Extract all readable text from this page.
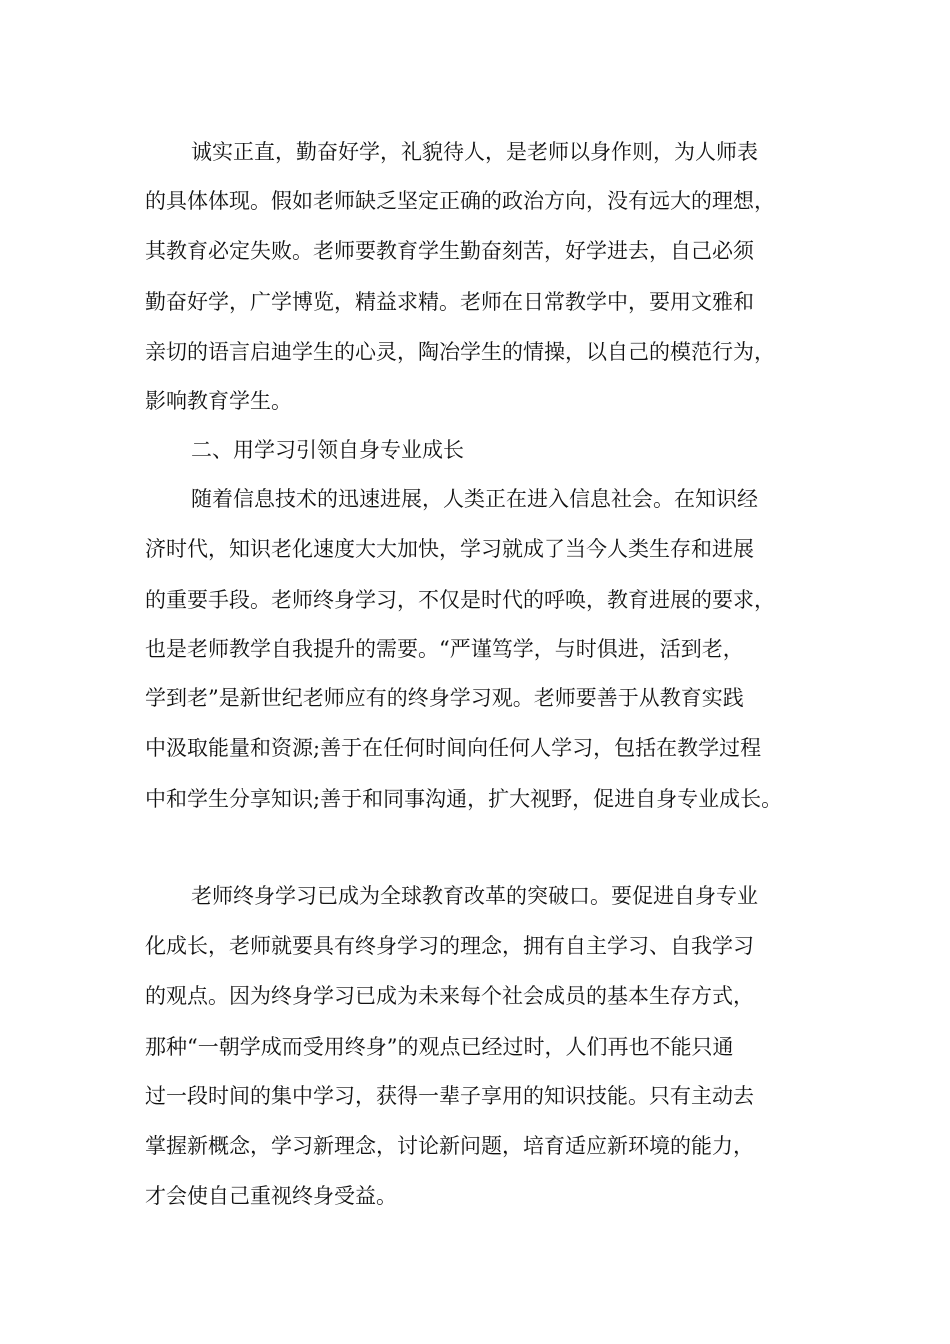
诚实正直，勤奋好学，礼貌待人，是老师以身作则，为人师表
的具体体现。假如老师缺乏坚定正确的政治方向，没有远大的理想，
其教育必定失败。老师要教育学生勤奋刻苦，好学进去，自己必须
勤奋好学，广学博览，精益求精。老师在日常教学中，要用文雅和
亲切的语言启迪学生的心灵，陶冶学生的情操，以自己的模范行为，
影响教育学生。
二、用学习引领自身专业成长
随着信息技术的迅速进展，人类正在进入信息社会。在知识经
济时代，知识老化速度大大加快，学习就成了当今人类生存和进展
的重要手段。老师终身学习，不仅是时代的呼唤，教育进展的要求，
也是老师教学自我提升的需要。“严谨笃学，与时俱进，活到老，
学到老”是新世纪老师应有的终身学习观。老师要善于从教育实践
中汲取能量和资源;善于在任何时间向任何人学习，包括在教学过程
中和学生分享知识;善于和同事沟通，扩大视野，促进自身专业成长。
老师终身学习已成为全球教育改革的突破口。要促进自身专业
化成长，老师就要具有终身学习的理念，拥有自主学习、自我学习
的观点。因为终身学习已成为未来每个社会成员的基本生存方式，
那种“一朝学成而受用终身”的观点已经过时，人们再也不能只通
过一段时间的集中学习，获得一辈子享用的知识技能。只有主动去
掌握新概念，学习新理念，讨论新问题，培育适应新环境的能力，
才会使自己重视终身受益。
